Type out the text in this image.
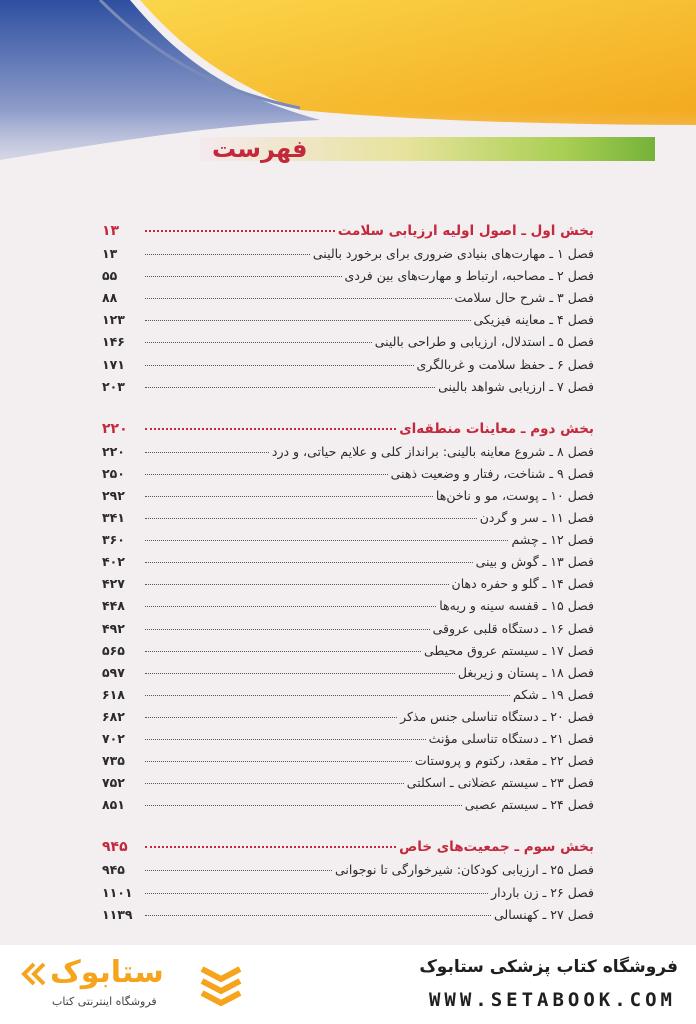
فهرست
بخش اول ـ اصول اولیه ارزیابی سلامت
۱۳
فصل ۱ ـ مهارت‌های بنیادی ضروری برای برخورد بالینی
۱۳
فصل ۲ ـ مصاحبه، ارتباط و مهارت‌های بین فردی
۵۵
فصل ۳ ـ شرح حال سلامت
۸۸
فصل ۴ ـ معاینه فیزیکی
۱۲۳
فصل ۵ ـ استدلال، ارزیابی و طراحی بالینی
۱۴۶
فصل ۶ ـ حفظ سلامت و غربالگری
۱۷۱
فصل ۷ ـ ارزیابی شواهد بالینی
۲۰۳
بخش دوم ـ معاینات منطقه‌ای
۲۲۰
فصل ۸ ـ شروع معاینه بالینی: برانداز کلی و علایم حیاتی، و درد
۲۲۰
فصل ۹ ـ شناخت، رفتار و وضعیت ذهنی
۲۵۰
فصل ۱۰ ـ پوست، مو و ناخن‌ها
۲۹۲
فصل ۱۱ ـ سر و گردن
۳۴۱
فصل ۱۲ ـ چشم
۳۶۰
فصل ۱۳ ـ گوش و بینی
۴۰۲
فصل ۱۴ ـ گلو و حفره دهان
۴۲۷
فصل ۱۵ ـ قفسه سینه و ریه‌ها
۴۴۸
فصل ۱۶ ـ دستگاه قلبی عروقی
۴۹۲
فصل ۱۷ ـ سیستم عروق محیطی
۵۶۵
فصل ۱۸ ـ پستان و زیربغل
۵۹۷
فصل ۱۹ ـ شکم
۶۱۸
فصل ۲۰ ـ دستگاه تناسلی جنس مذکر
۶۸۲
فصل ۲۱ ـ دستگاه تناسلی مؤنث
۷۰۲
فصل ۲۲ ـ مقعد، رکتوم و پروستات
۷۳۵
فصل ۲۳ ـ سیستم عضلانی ـ اسکلتی
۷۵۲
فصل ۲۴ ـ سیستم عصبی
۸۵۱
بخش سوم ـ جمعیت‌های خاص
۹۴۵
فصل ۲۵ ـ ارزیابی کودکان: شیرخوارگی تا نوجوانی
۹۴۵
فصل ۲۶ ـ زن باردار
۱۱۰۱
فصل ۲۷ ـ کهنسالی
۱۱۳۹
ستابوک
فروشگاه اینترنتی کتاب
فروشگاه کتاب پزشکی ستابوک
WWW.SETABOOK.COM
